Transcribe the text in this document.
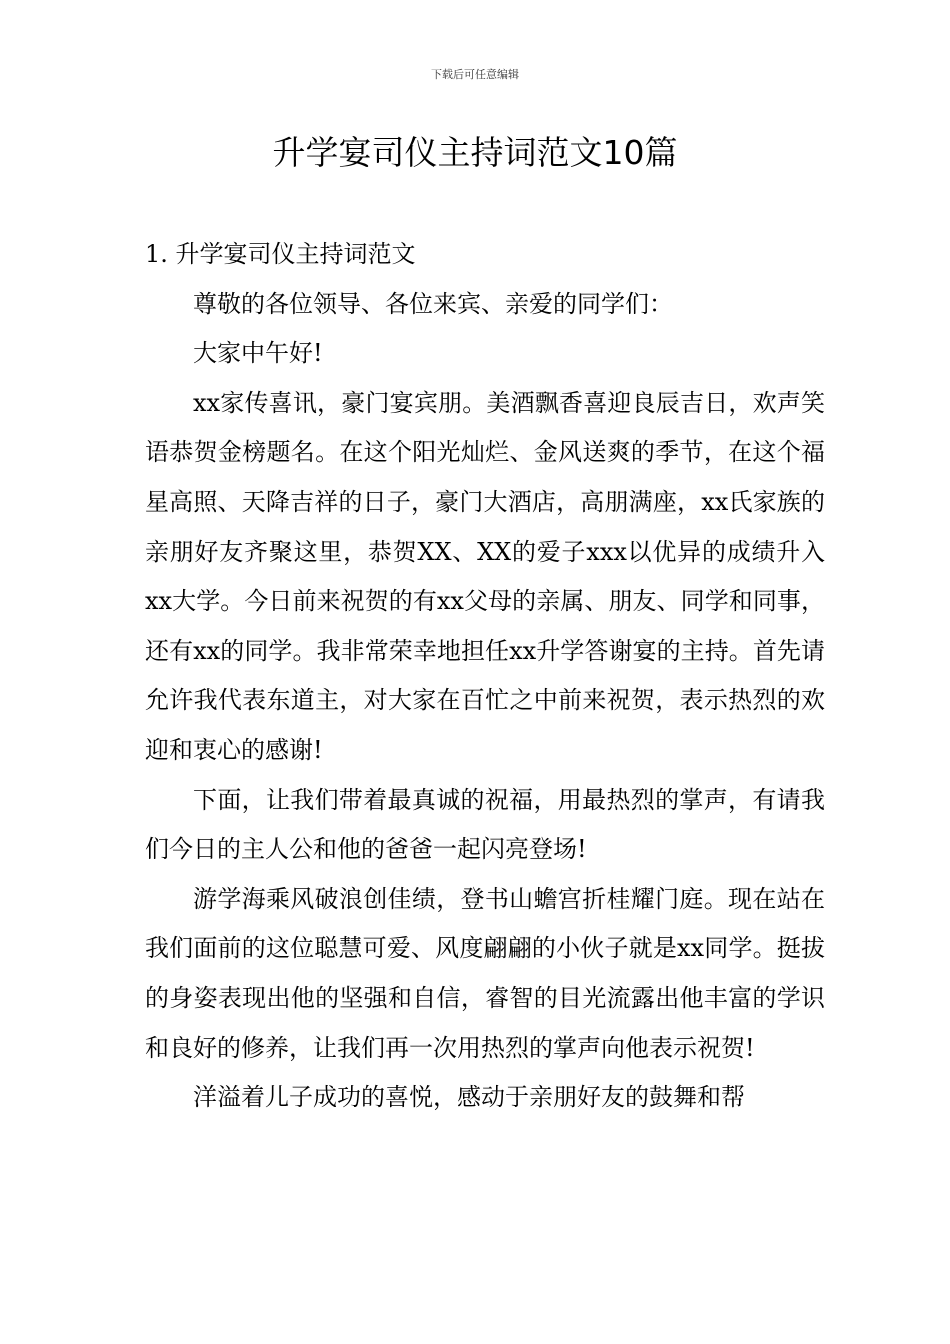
下载后可任意编辑
升学宴司仪主持词范文10篇

1. 升学宴司仪主持词范文

尊敬的各位领导、各位来宾、亲爱的同学们：

大家中午好!

xx家传喜讯，豪门宴宾朋。美酒飘香喜迎良辰吉日，欢声笑语恭贺金榜题名。在这个阳光灿烂、金风送爽的季节，在这个福星高照、天降吉祥的日子，豪门大酒店，高朋满座，xx氏家族的亲朋好友齐聚这里，恭贺XX、XX的爱子xxx以优异的成绩升入xx大学。今日前来祝贺的有xx父母的亲属、朋友、同学和同事，还有xx的同学。我非常荣幸地担任xx升学答谢宴的主持。首先请允许我代表东道主，对大家在百忙之中前来祝贺，表示热烈的欢迎和衷心的感谢!

下面，让我们带着最真诚的祝福，用最热烈的掌声，有请我们今日的主人公和他的爸爸一起闪亮登场!

游学海乘风破浪创佳绩，登书山蟾宫折桂耀门庭。现在站在我们面前的这位聪慧可爱、风度翩翩的小伙子就是xx同学。挺拔的身姿表现出他的坚强和自信，睿智的目光流露出他丰富的学识和良好的修养，让我们再一次用热烈的掌声向他表示祝贺!

洋溢着儿子成功的喜悦，感动于亲朋好友的鼓舞和帮
